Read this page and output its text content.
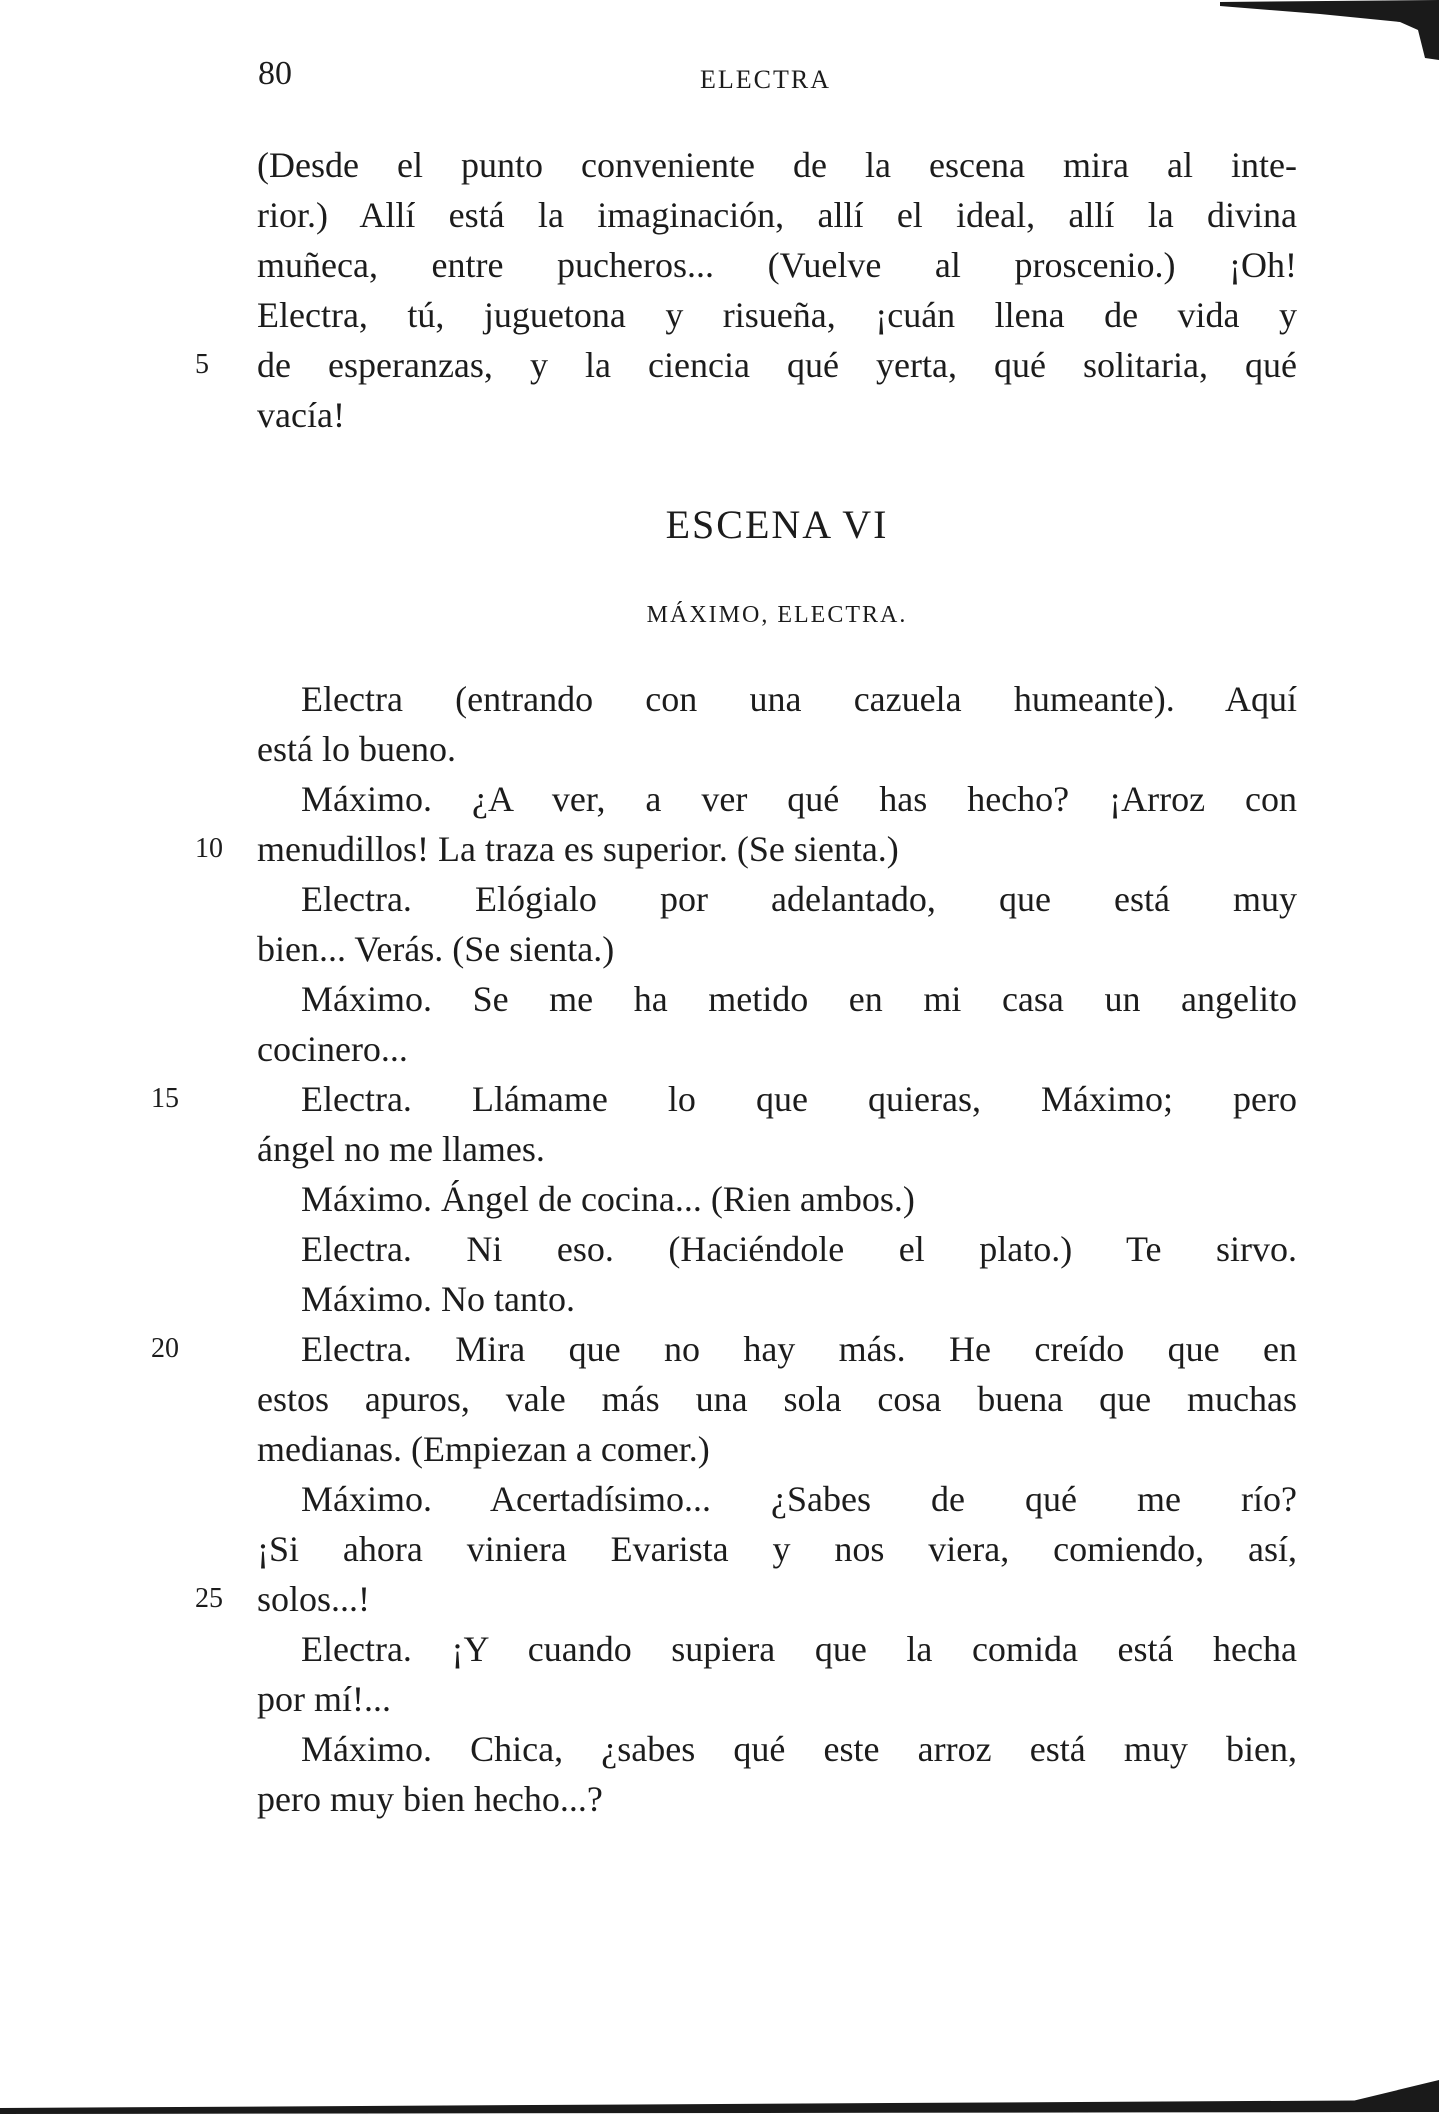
80	ELECTRA

(Desde el punto conveniente de la escena mira al inte-
rior.) Allí está la imaginación, allí el ideal, allí la divina
muñeca, entre pucheros... (Vuelve al proscenio.) ¡Oh!
Electra, tú, juguetona y risueña, ¡cuán llena de vida y
5 de esperanzas, y la ciencia qué yerta, qué solitaria, qué
vacía!

ESCENA VI
MÁXIMO, ELECTRA.
Electra (entrando con una cazuela humeante). Aquí
está lo bueno.
Máximo. ¿A ver, a ver qué has hecho? ¡Arroz con
10 menudillos! La traza es superior. (Se sienta.)
Electra. Elógialo por adelantado, que está muy
bien... Verás. (Se sienta.)
Máximo. Se me ha metido en mi casa un angelito
cocinero...
15	Electra. Llámame lo que quieras, Máximo; pero
ángel no me llames.
Máximo. Ángel de cocina... (Rien ambos.)
Electra. Ni eso. (Haciéndole el plato.) Te sirvo.
Máximo. No tanto.
20	Electra. Mira que no hay más. He creído que en
estos apuros, vale más una sola cosa buena que muchas
medianas. (Empiezan a comer.)
Máximo. Acertadísimo... ¿Sabes de qué me río?
¡Si ahora viniera Evarista y nos viera, comiendo, así,
25 solos...!
Electra. ¡Y cuando supiera que la comida está hecha
por mí!...
Máximo. Chica, ¿sabes qué este arroz está muy bien,
pero muy bien hecho...?
